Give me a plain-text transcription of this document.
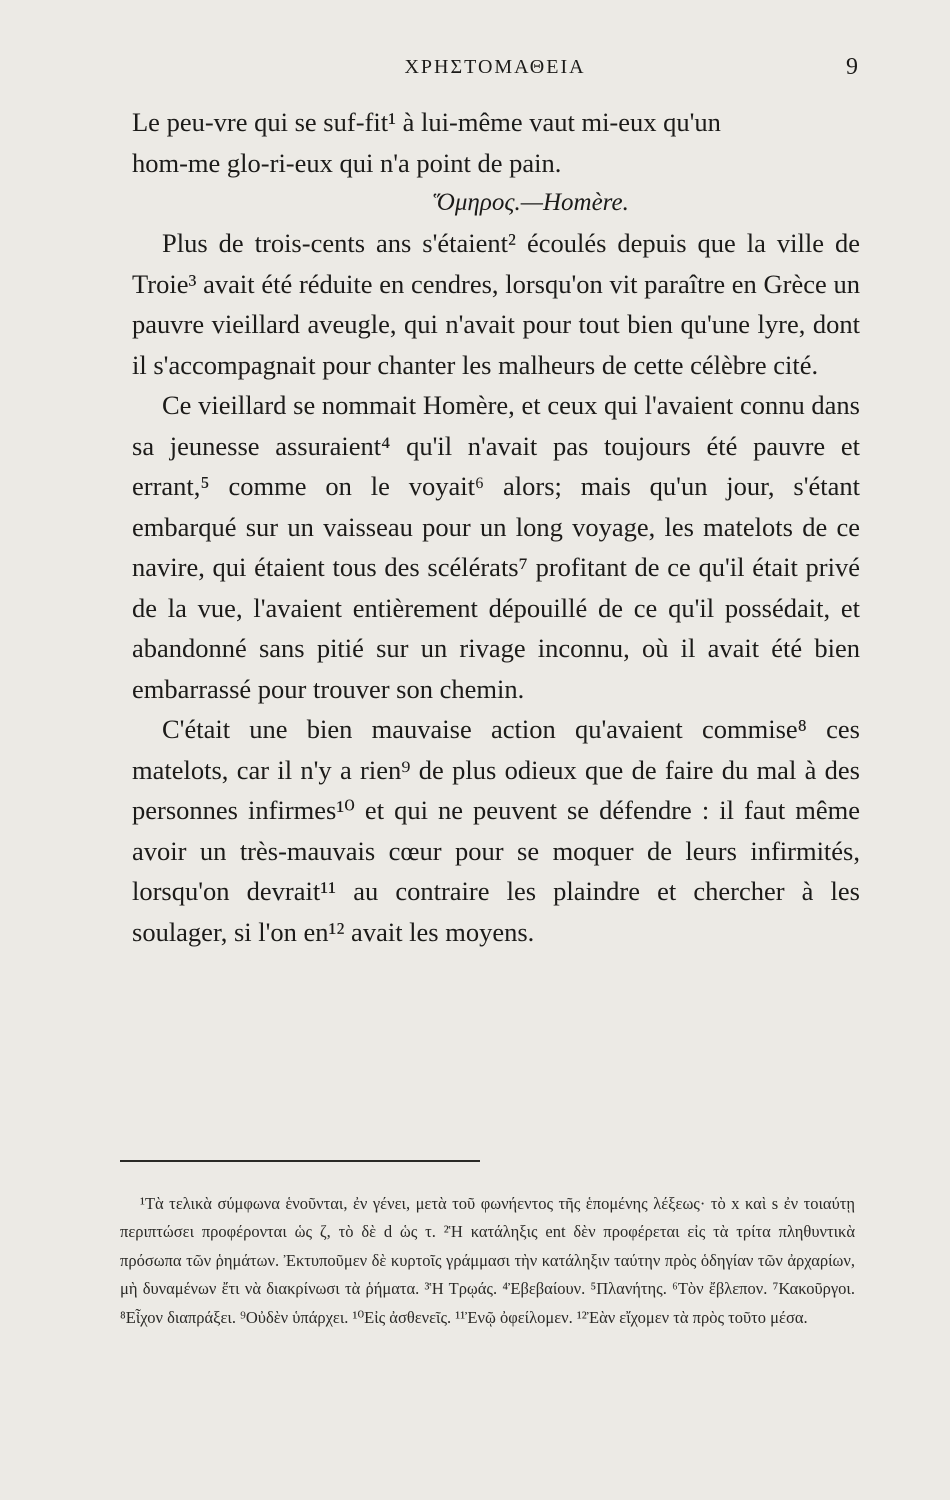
ΧΡΗΣΤΟΜΑΘΕΙΑ	9

Le peu-vre qui se suf-fit¹ à lui-même vaut mi-eux qu'un

hom-me glo-ri-eux qui n'a point de pain.

Ὅμηρος.—Homère.

Plus de trois-cents ans s'étaient² écoulés depuis que la ville de Troie³ avait été réduite en cendres, lorsqu'on vit paraître en Grèce un pauvre vieillard aveugle, qui n'avait pour tout bien qu'une lyre, dont il s'accompagnait pour chanter les malheurs de cette célèbre cité.

Ce vieillard se nommait Homère, et ceux qui l'avaient connu dans sa jeunesse assuraient⁴ qu'il n'avait pas toujours été pauvre et errant,⁵ comme on le voyait⁶ alors; mais qu'un jour, s'étant embarqué sur un vaisseau pour un long voyage, les matelots de ce navire, qui étaient tous des scélérats⁷ profitant de ce qu'il était privé de la vue, l'avaient entièrement dépouillé de ce qu'il possédait, et abandonné sans pitié sur un rivage inconnu, où il avait été bien embarrassé pour trouver son chemin.

C'était une bien mauvaise action qu'avaient commise⁸ ces matelots, car il n'y a rien⁹ de plus odieux que de faire du mal à des personnes infirmes¹⁰ et qui ne peuvent se défendre : il faut même avoir un très-mauvais cœur pour se moquer de leurs infirmités, lorsqu'on devrait¹¹ au contraire les plaindre et chercher à les soulager, si l'on en¹² avait les moyens.

¹Τὰ τελικὰ σύμφωνα ἑνοῦνται, ἐν γένει, μετὰ τοῦ φωνήεντος τῆς ἑπομένης λέξεως· τὸ x καὶ s ἐν τοιαύτῃ περιπτώσει προφέρονται ὡς ζ, τὸ δὲ d ὡς τ. ²Ἡ κατάληξις ent δὲν προφέρεται εἰς τὰ τρίτα πληθυντικὰ πρόσωπα τῶν ῥημάτων. Ἐκτυποῦμεν δὲ κυρτοῖς γράμμασι τὴν κατάληξιν ταύτην πρὸς ὁδηγίαν τῶν ἀρχαρίων, μὴ δυναμένων ἔτι νὰ διακρίνωσι τὰ ῥήματα. ³Ἡ Τρῳάς. ⁴Ἐβεβαίουν. ⁵Πλανήτης. ⁶Τὸν ἔβλεπον. ⁷Κακοῦργοι. ⁸Εἶχον διαπράξει. ⁹Οὐδὲν ὑπάρχει. ¹⁰Εἰς ἀσθενεῖς. ¹¹Ἐνῷ ὀφείλομεν. ¹²Ἐὰν εἴχομεν τὰ πρὸς τοῦτο μέσα.
